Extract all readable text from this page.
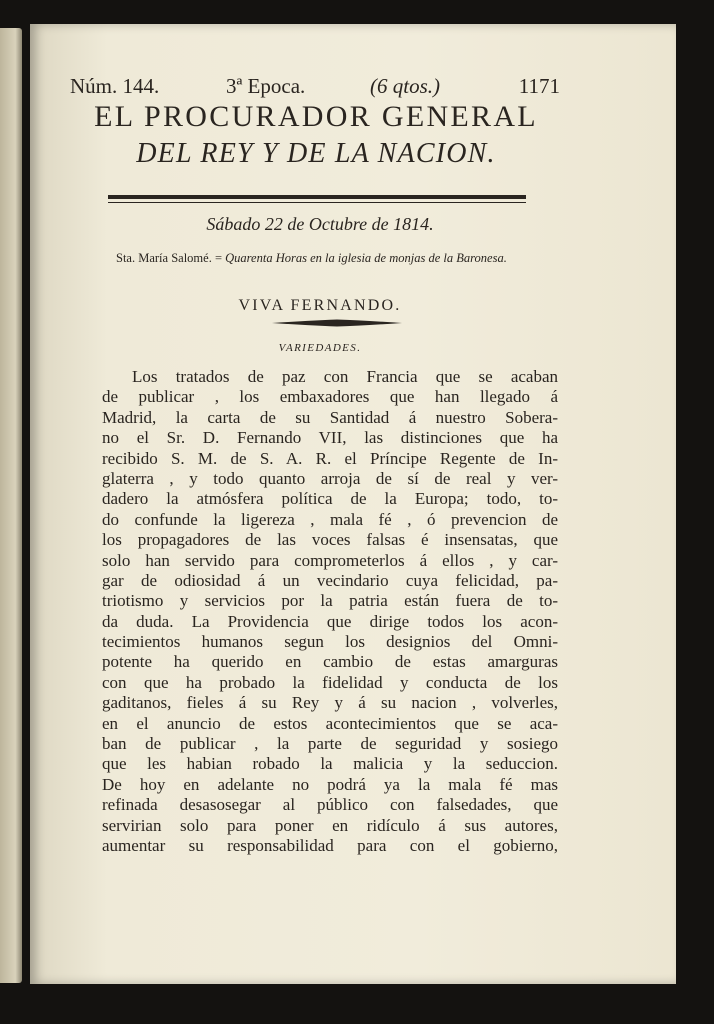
Núm. 144.	3ª Epoca.	(6 qtos.)	1171
EL PROCURADOR GENERAL
DEL REY Y DE LA NACION.
Sábado 22 de Octubre de 1814.
Sta. María Salomé. = Quarenta Horas en la iglesia de monjas de la Baronesa.
VIVA FERNANDO.
VARIEDADES.
Los tratados de paz con Francia que se acaban
de publicar , los embaxadores que han llegado á
Madrid, la carta de su Santidad á nuestro Sobera-
no el Sr. D. Fernando VII, las distinciones que ha
recibido S. M. de S. A. R. el Príncipe Regente de In-
glaterra , y todo quanto arroja de sí de real y ver-
dadero la atmósfera política de la Europa; todo, to-
do confunde la ligereza , mala fé , ó prevencion de
los propagadores de las voces falsas é insensatas, que
solo han servido para comprometerlos á ellos , y car-
gar de odiosidad á un vecindario cuya felicidad, pa-
triotismo y servicios por la patria están fuera de to-
da duda. La Providencia que dirige todos los acon-
tecimientos humanos segun los designios del Omni-
potente ha querido en cambio de estas amarguras
con que ha probado la fidelidad y conducta de los
gaditanos, fieles á su Rey y á su nacion , volverles,
en el anuncio de estos acontecimientos que se aca-
ban de publicar , la parte de seguridad y sosiego
que les habian robado la malicia y la seduccion.
De hoy en adelante no podrá ya la mala fé mas
refinada desasosegar al público con falsedades, que
servirian solo para poner en ridículo á sus autores,
aumentar su responsabilidad para con el gobierno,
